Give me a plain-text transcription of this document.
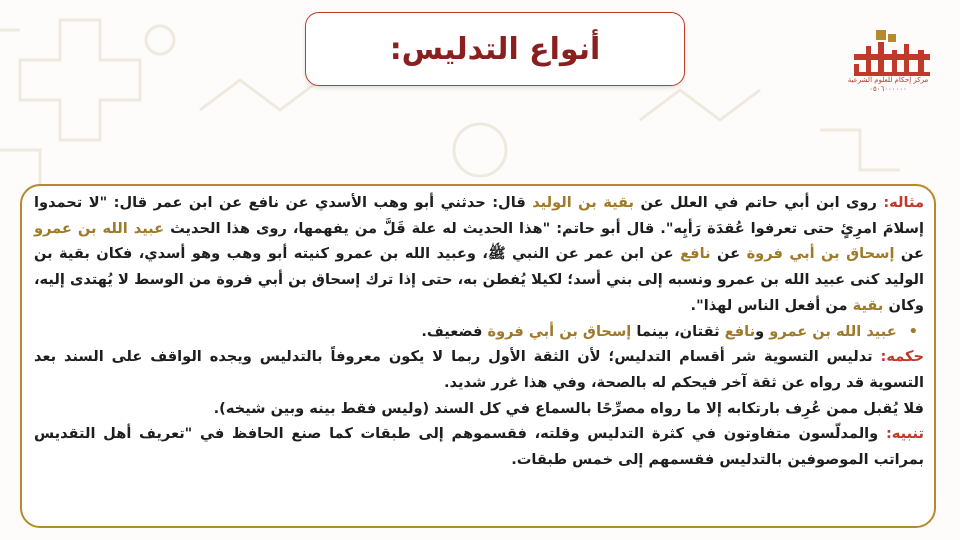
أنواع التدليس:
مركز إحكام للعلوم الشرعية
٠٥٠٦٠٠٠٠٠٠

مثاله: روى ابن أبي حاتم في العلل عن بقية بن الوليد قال: حدثني أبو وهب الأسدي عن نافع عن ابن عمر قال: "لا تحمدوا إسلامَ امرِئٍ حتى تعرفوا عُقدَة رَأيِه". قال أبو حاتم: "هذا الحديث له علة قَلَّ من يفهمها، روى هذا الحديث عبيد الله بن عمرو عن إسحاق بن أبي فروة عن نافع عن ابن عمر عن النبي ﷺ، وعبيد الله بن عمرو كنيته أبو وهب وهو أسدي، فكان بقية بن الوليد كنى عبيد الله بن عمرو ونسبه إلى بني أسد؛ لكيلا يُفطن به، حتى إذا ترك إسحاق بن أبي فروة من الوسط لا يُهتدى إليه، وكان بقية من أفعل الناس لهذا".

•عبيد الله بن عمرو ونافع ثقتان، بينما إسحاق بن أبي فروة فضعيف.

حكمه: تدليس التسوية شر أقسام التدليس؛ لأن الثقة الأول ربما لا يكون معروفاً بالتدليس ويجده الواقف على السند بعد التسوية قد رواه عن ثقة آخر فيحكم له بالصحة، وفي هذا غرر شديد.

فلا يُقبل ممن عُرِف بارتكابه إلا ما رواه مصرِّحًا بالسماع في كل السند (وليس فقط بينه وبين شيخه).

تنبيه: والمدلّسون متفاوتون في كثرة التدليس وقلته، فقسموهم إلى طبقات كما صنع الحافظ في "تعريف أهل التقديس بمراتب الموصوفين بالتدليس فقسمهم إلى خمس طبقات.
